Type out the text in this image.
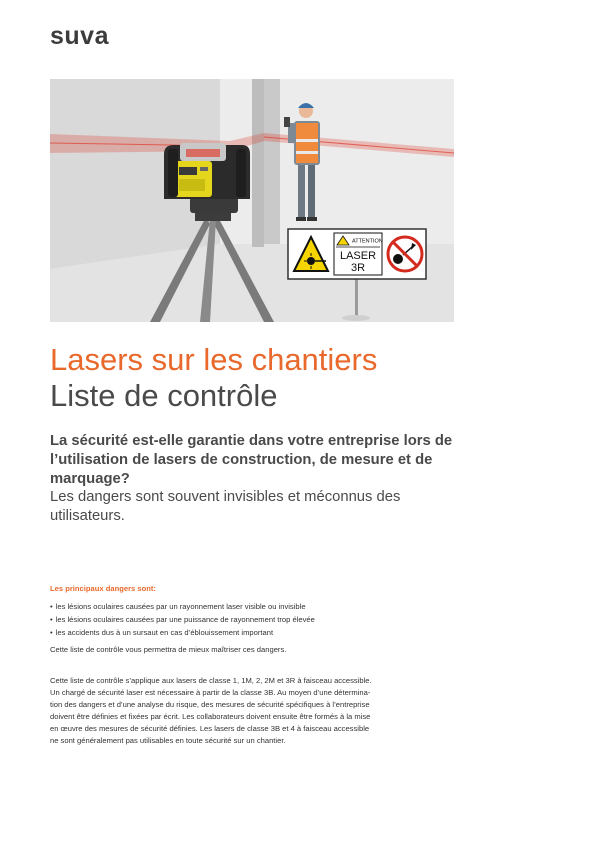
suva
ATTENTION
LASER
3R
Lasers sur les chantiers
Liste de contrôle

La sécurité est-elle garantie dans votre entreprise lors de l’utilisation de lasers de construction, de mesure et de marquage?

Les dangers sont souvent invisibles et méconnus des utilisateurs.

Les principaux dangers sont:

• les lésions oculaires causées par un rayonnement laser visible ou invisible
• les lésions oculaires causées par une puissance de rayonnement trop élevée
• les accidents dus à un sursaut en cas d’éblouissement important

Cette liste de contrôle vous permettra de mieux maîtriser ces dangers.

Cette liste de contrôle s’applique aux lasers de classe 1, 1M, 2, 2M et 3R à faisceau accessible.
Un chargé de sécurité laser est nécessaire à partir de la classe 3B. Au moyen d’une détermina-
tion des dangers et d’une analyse du risque, des mesures de sécurité spécifiques à l’entreprise
doivent être définies et fixées par écrit. Les collaborateurs doivent ensuite être formés à la mise
en œuvre des mesures de sécurité définies. Les lasers de classe 3B et 4 à faisceau accessible
ne sont généralement pas utilisables en toute sécurité sur un chantier.
